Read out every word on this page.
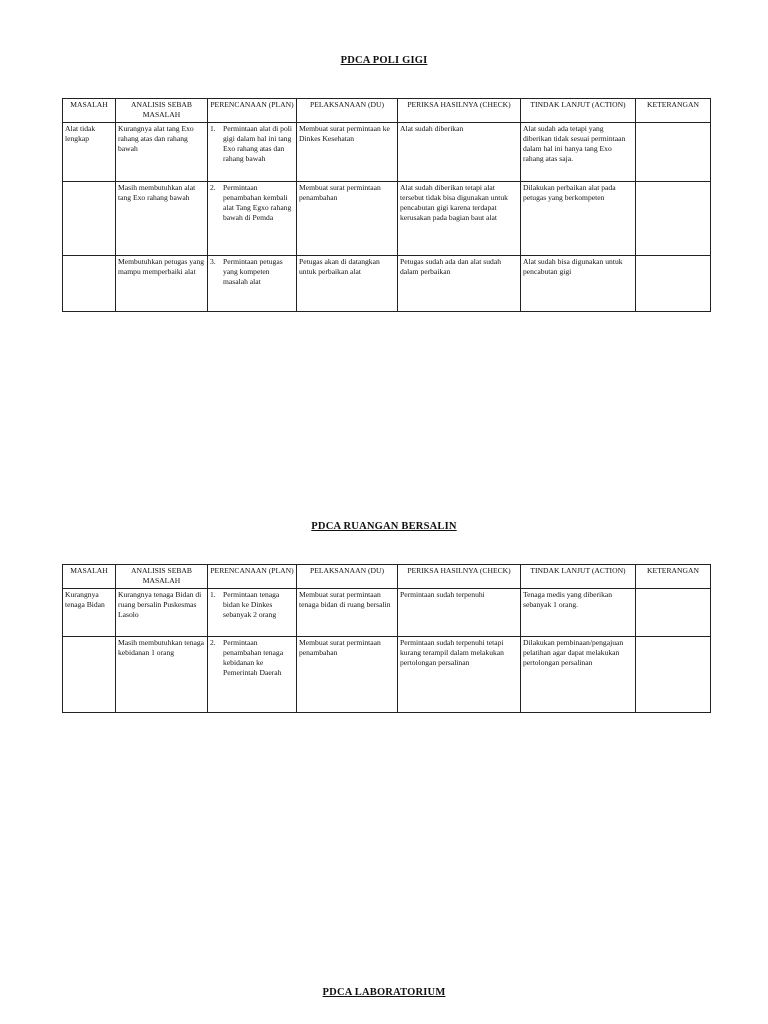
PDCA POLI GIGI
MASALAH	ANALISIS SEBAB MASALAH	PERENCANAAN (PLAN)	PELAKSANAAN (DU)	PERIKSA HASILNYA (CHECK)	TINDAK LANJUT (ACTION)	KETERANGAN
Alat tidak lengkap	Kurangnya alat tang Exo rahang atas dan rahang bawah	1. Permintaan alat di poli gigi dalam hal ini tang Exo rahang atas dan rahang bawah	Membuat surat permintaan ke Dinkes Kesehatan	Alat sudah diberikan	Alat sudah ada tetapi yang diberikan tidak sesuai permintaan dalam hal ini hanya tang Exo rahang atas saja.	
	Masih membutuhkan alat tang Exo rahang bawah	2. Permintaan penambahan kembali alat Tang Egxo rahang bawah di Pemda	Membuat surat permintaan penambahan	Alat sudah diberikan tetapi alat tersebut tidak bisa digunakan untuk pencabutan gigi karena terdapat kerusakan pada bagian baut alat	Dilakukan perbaikan alat pada petugas yang berkompeten	
	Membutuhkan petugas yang mampu memperbaiki alat	3. Permintaan petugas yang kompeten masalah alat	Petugas akan di datangkan untuk perbaikan alat	Petugas sudah ada dan alat sudah dalam perbaikan	Alat sudah bisa digunakan untuk pencabutan gigi	
PDCA RUANGAN BERSALIN
MASALAH	ANALISIS SEBAB MASALAH	PERENCANAAN (PLAN)	PELAKSANAAN (DU)	PERIKSA HASILNYA (CHECK)	TINDAK LANJUT (ACTION)	KETERANGAN
Kurangnya tenaga Bidan	Kurangnya tenaga Bidan di ruang bersalin Puskesmas Lasolo	1. Permintaan tenaga bidan ke Dinkes sebanyak 2 orang	Membuat surat permintaan tenaga bidan di ruang bersalin	Permintaan sudah terpenuhi	Tenaga medis yang diberikan sebanyak 1 orang.	
	Masih membutuhkan tenaga kebidanan 1 orang	2. Permintaan penambahan tenaga kebidanan ke Pemerintah Daerah	Membuat surat permintaan penambahan	Permintaan sudah terpenuhi tetapi kurang terampil dalam melakukan pertolongan persalinan	Dilakukan pembinaan/pengajuan pelatihan agar dapat melakukan pertolongan persalinan	
PDCA LABORATORIUM
